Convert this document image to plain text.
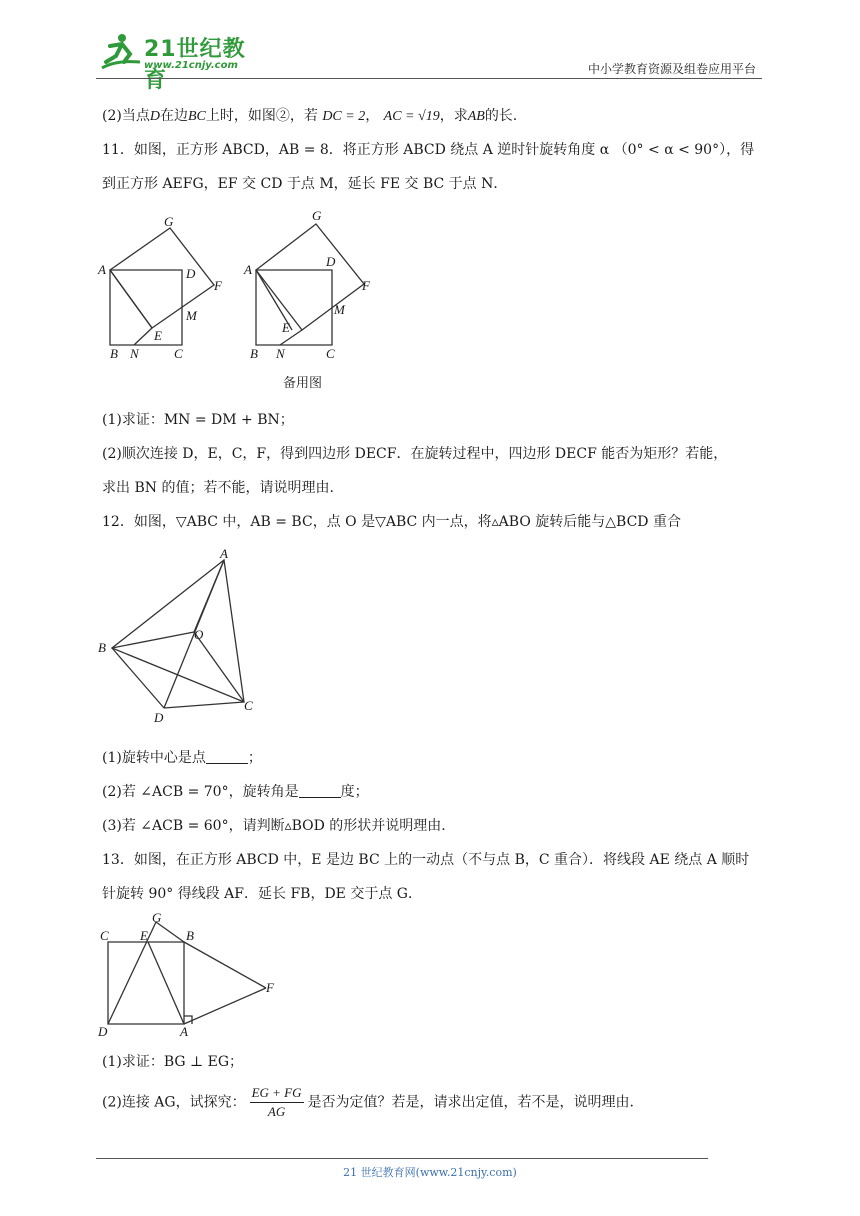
21世纪教育
www.21cnjy.com	中小学教育资源及组卷应用平台
(2)当点D在边BC上时，如图②，若 DC = 2， AC = √19，求AB的长.
11．如图，正方形 ABCD，AB = 8．将正方形 ABCD 绕点 A 逆时针旋转角度 α （0° < α < 90°），得
到正方形 AEFG，EF 交 CD 于点 M，延长 FE 交 BC 于点 N．
A
B	C
D
E
F
G
M
N
A
B	C
D
E
F
G
M
N
备用图
(1)求证：MN = DM + BN；
(2)顺次连接 D，E，C，F，得到四边形 DECF．在旋转过程中，四边形 DECF 能否为矩形？若能，
求出 BN 的值；若不能，请说明理由.
12．如图，▽ABC 中，AB = BC，点 O 是▽ABC 内一点，将▵ABO 旋转后能与△BCD 重合
A
B
C
D
O
(1)旋转中心是点	；
(2)若 ∠ACB = 70°，旋转角是	度；
(3)若 ∠ACB = 60°，请判断▵BOD 的形状并说明理由.
13．如图，在正方形 ABCD 中，E 是边 BC 上的一动点（不与点 B，C 重合）．将线段 AE 绕点 A 顺时
针旋转 90° 得线段 AF．延长 FB，DE 交于点 G．
C E
G
B
F
D	A
(1)求证：BG ⊥ EG；
(2)连接 AG，试探究： $\frac{EG + FG}{AG}$ 是否为定值？若是，请求出定值，若不是，说明理由.
21 世纪教育网(www.21cnjy.com)
